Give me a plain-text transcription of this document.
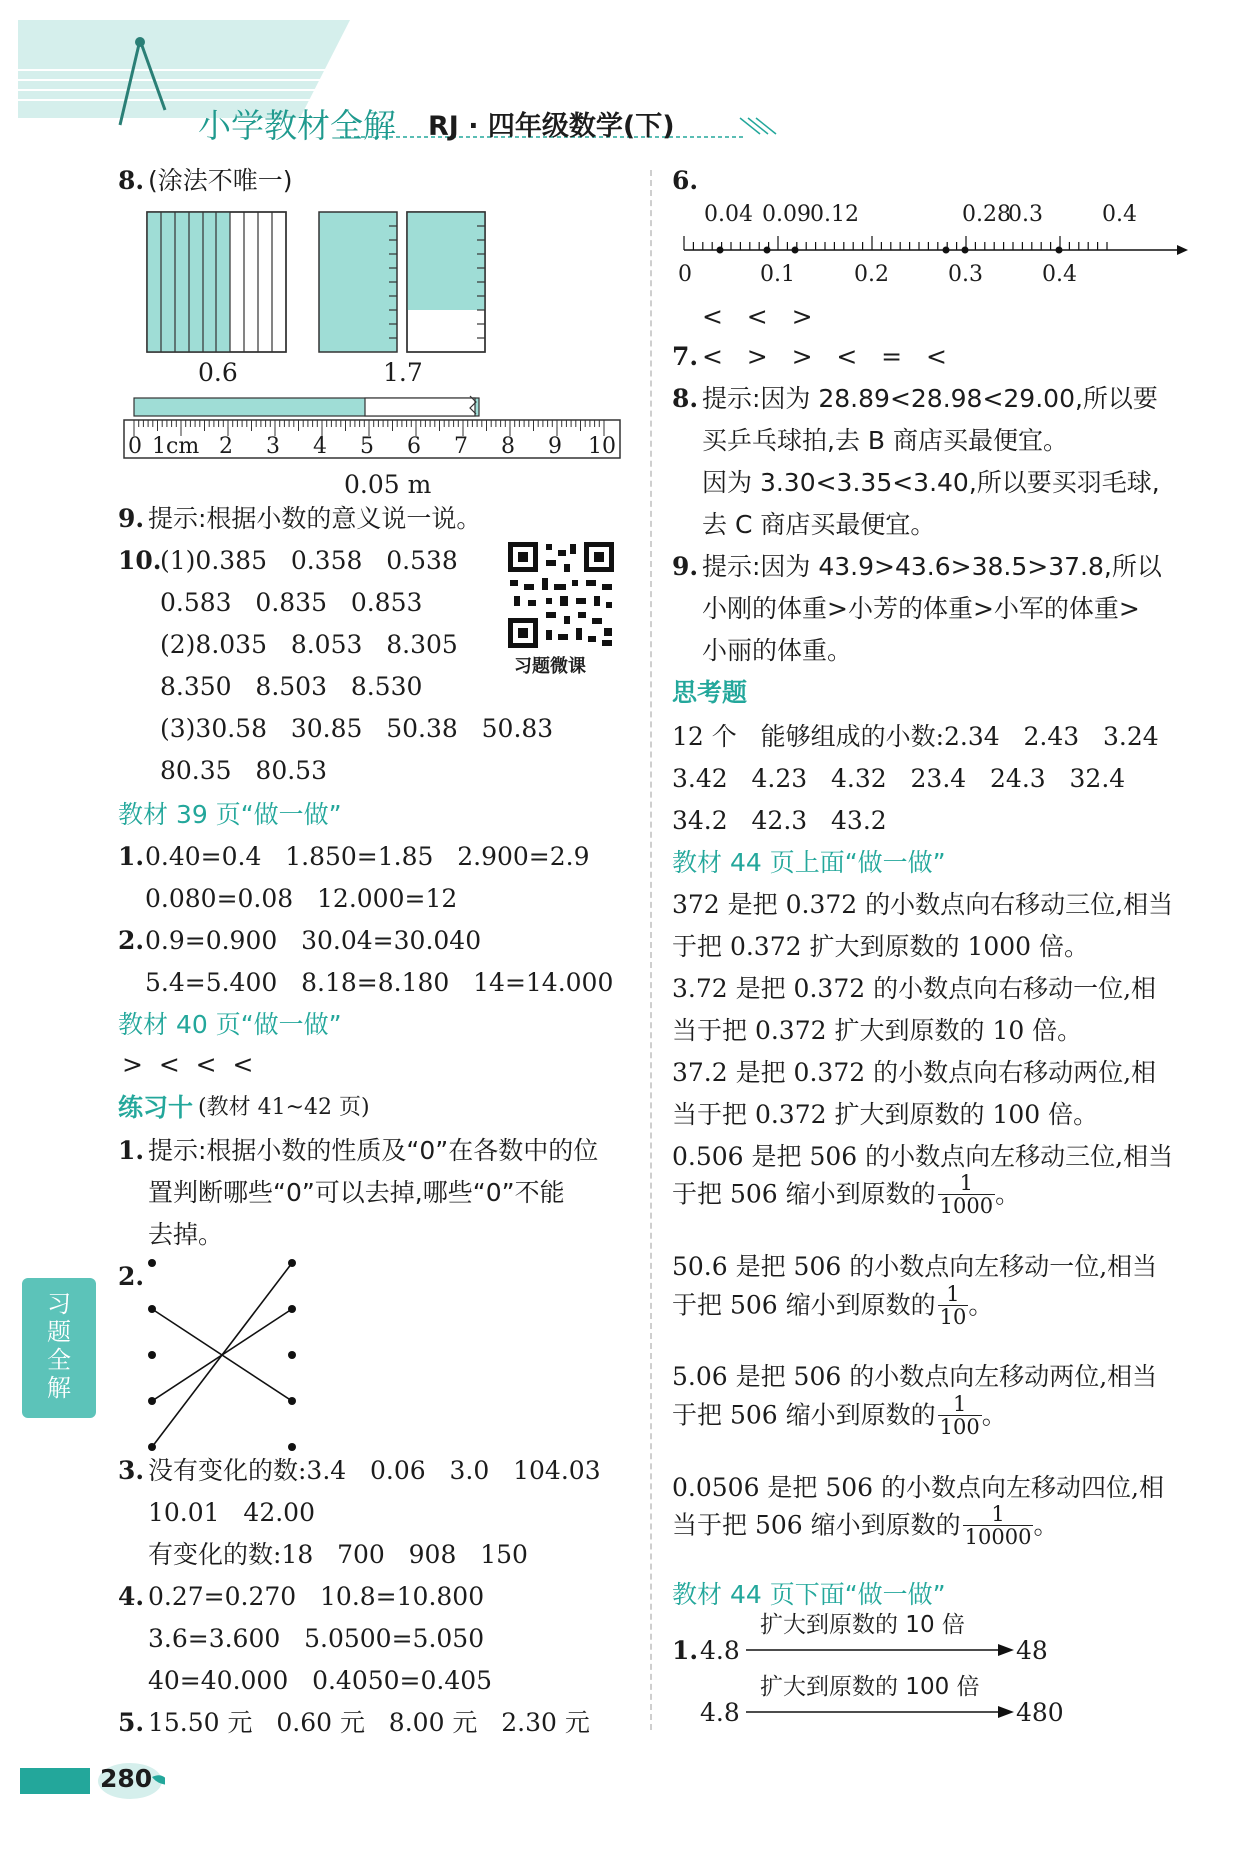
小学教材全解 RJ · 四年级数学(下)
习题全解
280
8. (涂法不唯一)
0.6	1.7
0 1cm 2 3 4 5 6 7 8 9 10
0.05 m
9. 提示:根据小数的意义说一说。
10.
(1)0.385   0.358   0.538
0.583   0.835   0.853
(2)8.035   8.053   8.305
8.350   8.503   8.530
(3)30.58   30.85   50.38   50.83
80.35   80.53
习题微课
教材 39 页“做一做”
1. 0.40=0.4   1.850=1.85   2.900=2.9
0.080=0.08   12.000=12
2. 0.9=0.900   30.04=30.040
5.4=5.400   8.18=8.180   14=14.000
教材 40 页“做一做”
>  <  <  <
练习十 (教材 41~42 页)
1. 提示:根据小数的性质及“0”在各数中的位
置判断哪些“0”可以去掉,哪些“0”不能
去掉。
2.
3. 没有变化的数:3.4   0.06   3.0   104.03
10.01   42.00
有变化的数:18   700   908   150
4. 0.27=0.270   10.8=10.800
3.6=3.600   5.0500=5.050
40=40.000   0.4050=0.405
5. 15.50 元   0.60 元   8.00 元   2.30 元
6.
0.04 0.09 0.12	0.28
0.3	0.4
0	0.1	0.2	0.3	0.4
<   <   >
7. <   >   >   <   =   <
8. 提示:因为 28.89<28.98<29.00,所以要
买乒乓球拍,去 B 商店买最便宜。
因为 3.30<3.35<3.40,所以要买羽毛球,
去 C 商店买最便宜。
9. 提示:因为 43.9>43.6>38.5>37.8,所以
小刚的体重>小芳的体重>小军的体重>
小丽的体重。
思考题
12 个   能够组成的小数:2.34   2.43   3.24
3.42   4.23   4.32   23.4   24.3   32.4
34.2   42.3   43.2
教材 44 页上面“做一做”
372 是把 0.372 的小数点向右移动三位,相当
于把 0.372 扩大到原数的 1000 倍。
3.72 是把 0.372 的小数点向右移动一位,相
当于把 0.372 扩大到原数的 10 倍。
37.2 是把 0.372 的小数点向右移动两位,相
当于把 0.372 扩大到原数的 100 倍。
0.506 是把 506 的小数点向左移动三位,相当
于把 506 缩小到原数的 $\frac{1}{1000}$ 。
50.6 是把 506 的小数点向左移动一位,相当
于把 506 缩小到原数的 $\frac{1}{10}$ 。
5.06 是把 506 的小数点向左移动两位,相当
于把 506 缩小到原数的 $\frac{1}{100}$ 。
0.0506 是把 506 的小数点向左移动四位,相
当于把 506 缩小到原数的 $\frac{1}{10000}$ 。
教材 44 页下面“做一做”
1. 4.8
扩大到原数的 10 倍
48
4.8
扩大到原数的 100 倍
480
